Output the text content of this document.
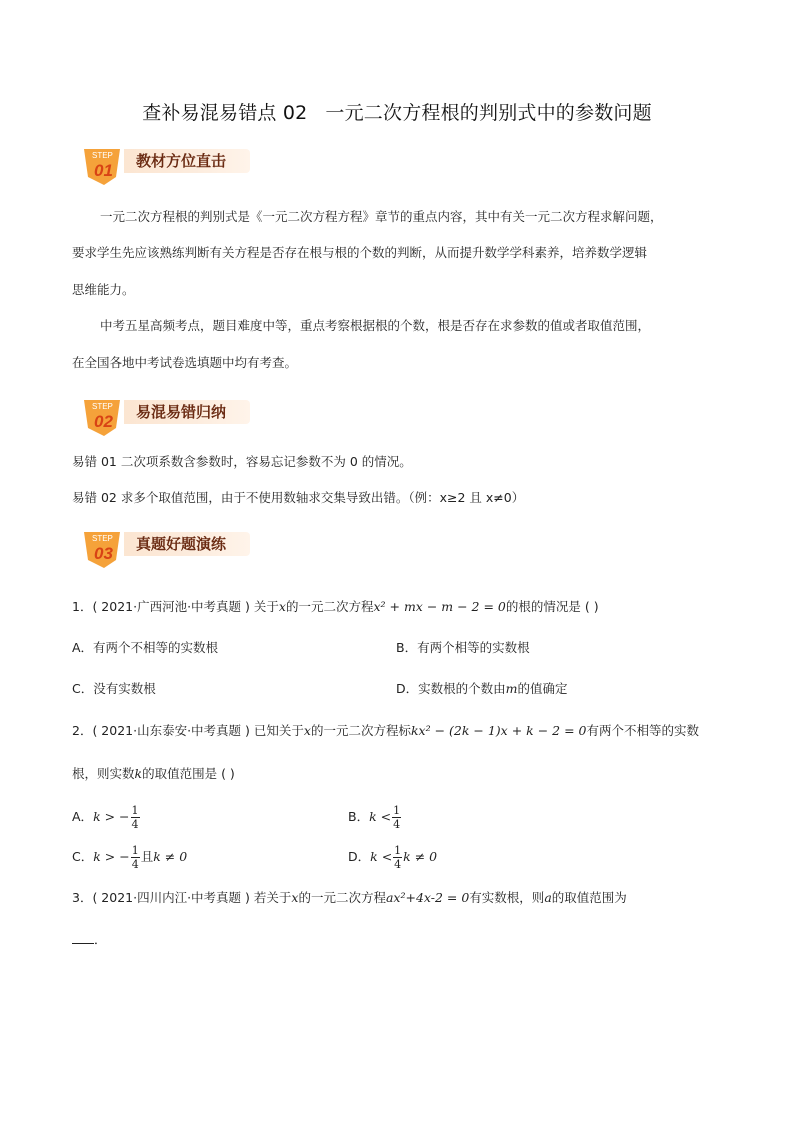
查补易混易错点 02 一元二次方程根的判别式中的参数问题
STEP
01 教材方位直击
一元二次方程根的判别式是《一元二次方程方程》章节的重点内容，其中有关一元二次方程求解问题，
要求学生先应该熟练判断有关方程是否存在根与根的个数的判断，从而提升数学学科素养，培养数学逻辑
思维能力。
中考五星高频考点，题目难度中等，重点考察根据根的个数，根是否存在求参数的值或者取值范围，
在全国各地中考试卷选填题中均有考查。
STEP
02 易混易错归纳
易错 01 二次项系数含参数时，容易忘记参数不为 0 的情况。
易错 02 求多个取值范围，由于不使用数轴求交集导致出错。（例：x≥2 且 x≠0）
STEP
03 真题好题演练
1．( 2021·广西河池·中考真题 ) 关于x的一元二次方程x² + mx − m − 2 = 0的根的情况是 ( )
A．有两个不相等的实数根	B．有两个相等的实数根
C．没有实数根	D．实数根的个数由m的值确定
2．( 2021·山东泰安·中考真题 ) 已知关于x的一元二次方程标kx² − (2k − 1)x + k − 2 = 0有两个不相等的实数
根，则实数k的取值范围是 ( )
A．k > − $\frac{1}{4}$	B．$k < \frac{1}{4}$
C．k > − $\frac{1}{4}$ 且k ≠ 0	D．$k < \frac{1}{4}$ k ≠ 0
3．( 2021·四川内江·中考真题 ) 若关于x的一元二次方程ax²+4x-2 = 0有实数根，则a的取值范围为
．
